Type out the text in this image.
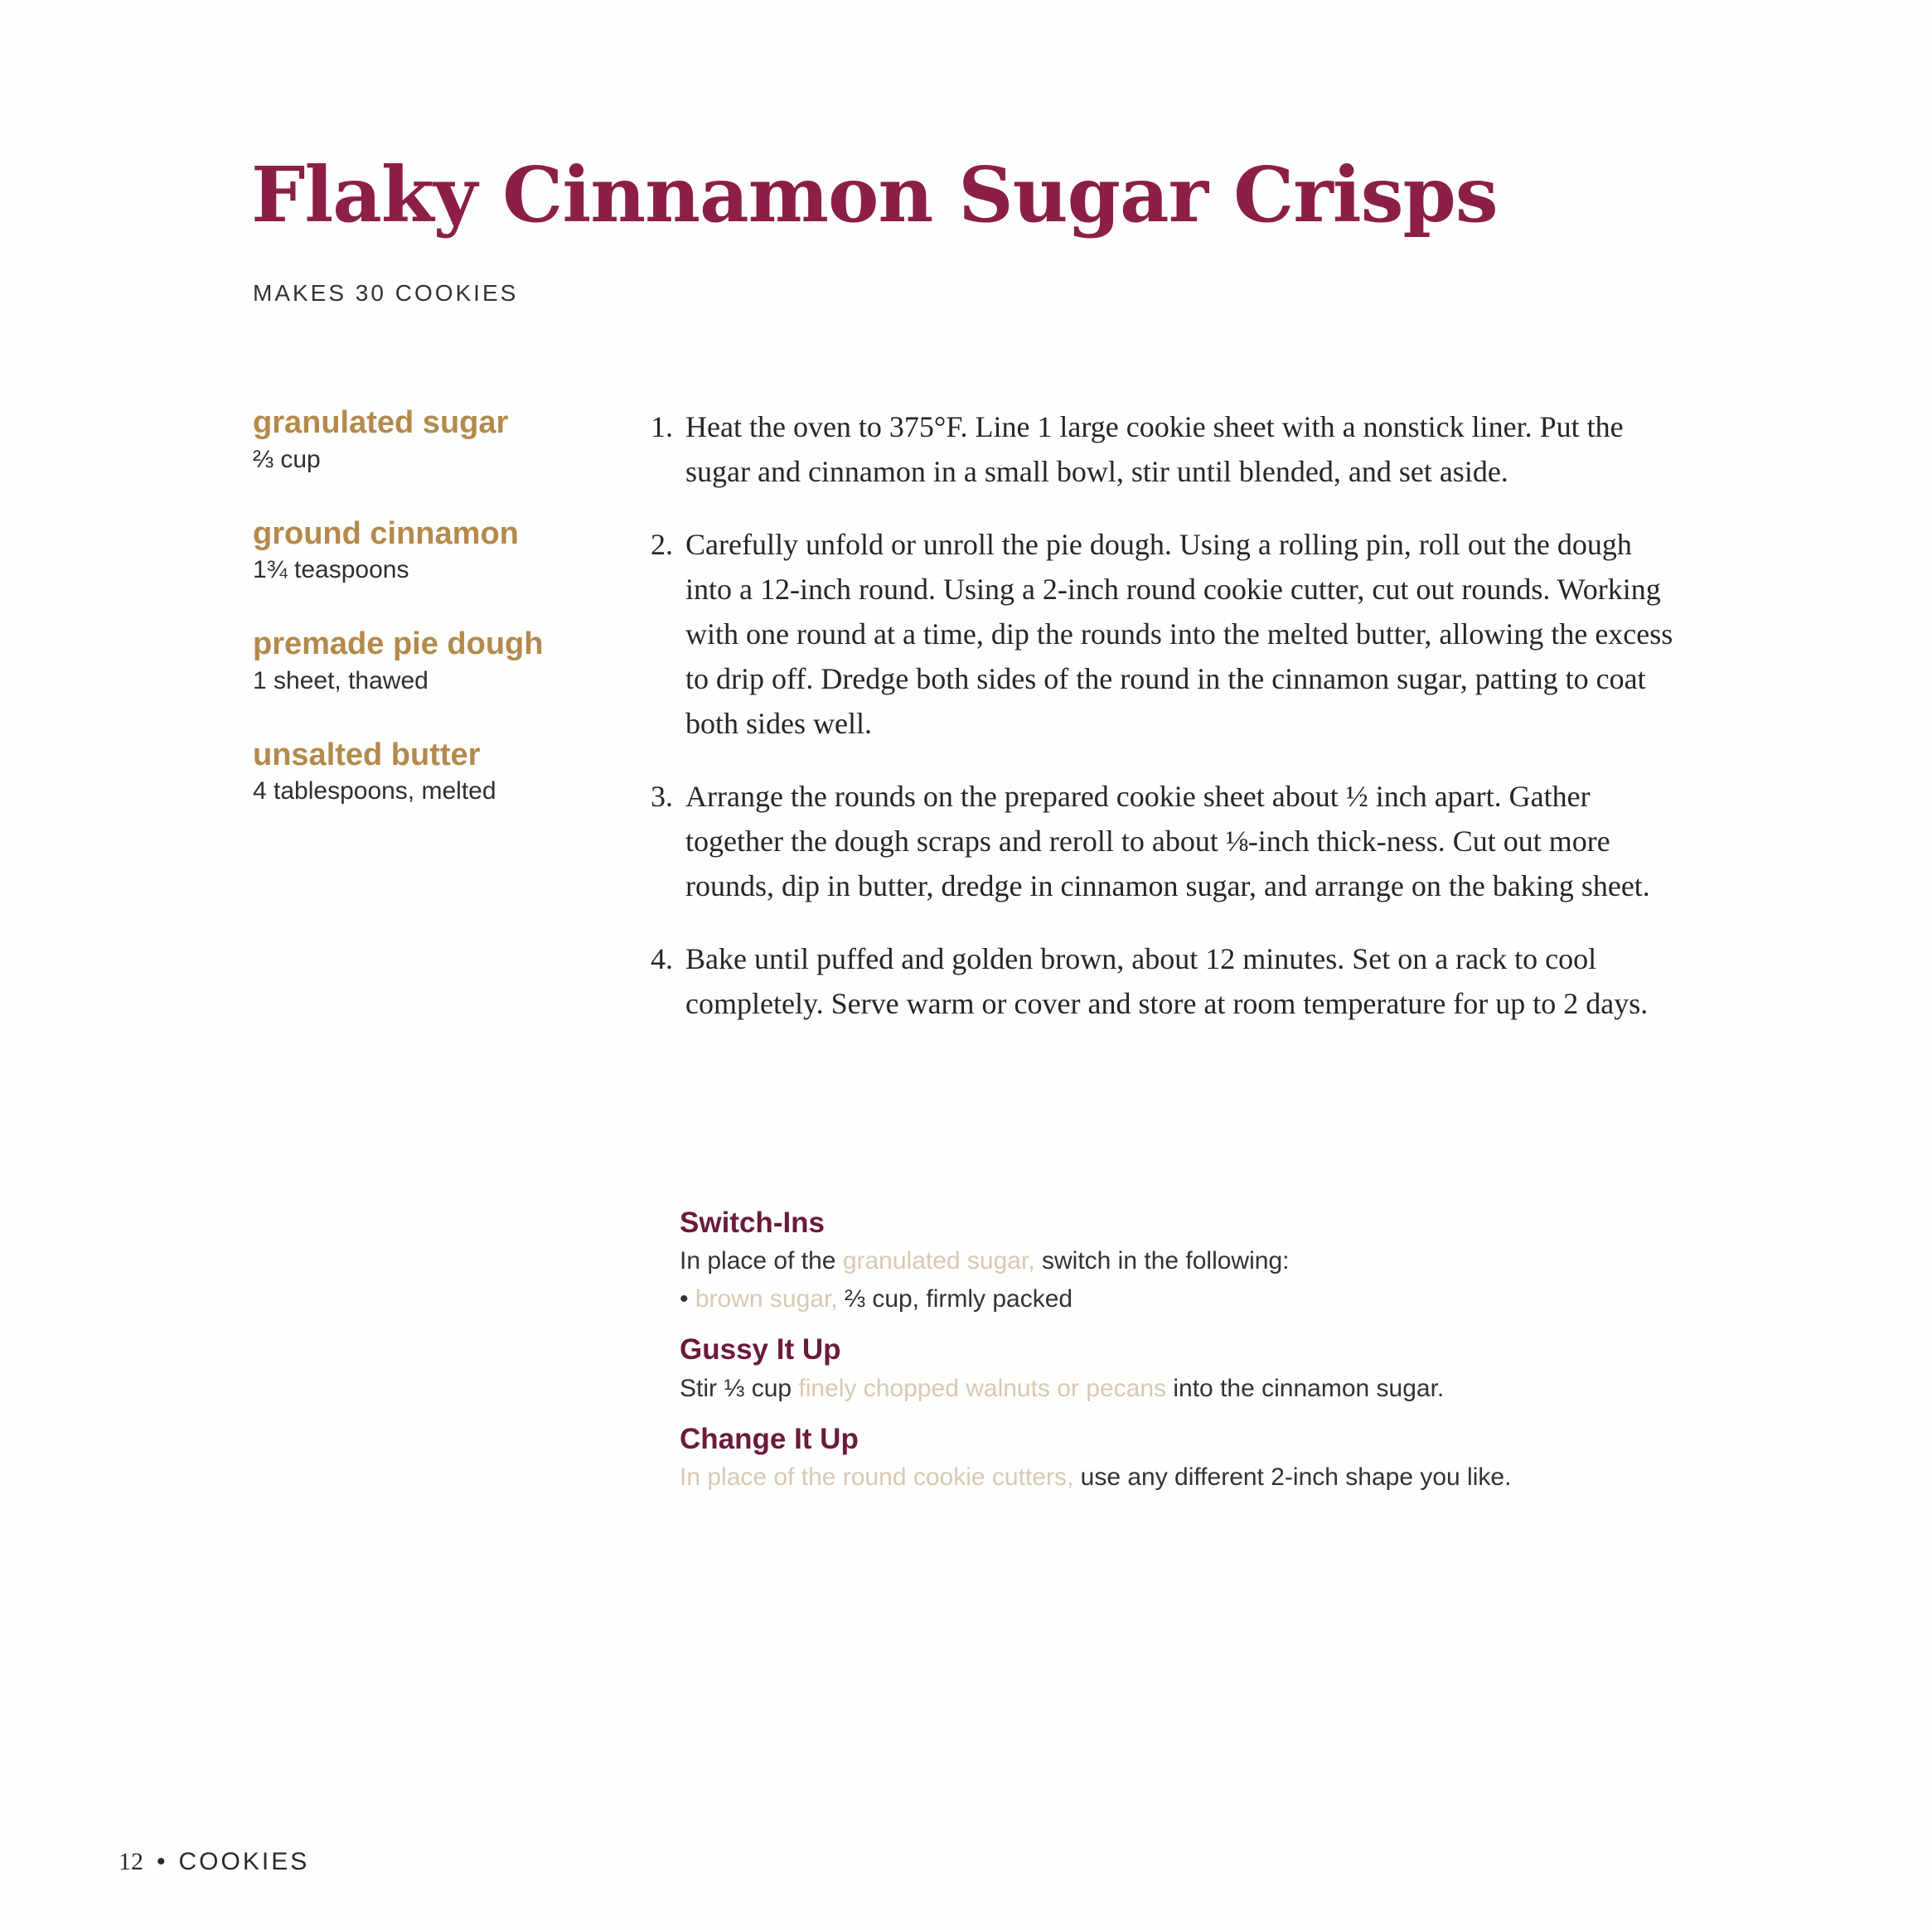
Flaky Cinnamon Sugar Crisps
MAKES 30 COOKIES
granulated sugar
⅔ cup
ground cinnamon
1¾ teaspoons
premade pie dough
1 sheet, thawed
unsalted butter
4 tablespoons, melted
1. Heat the oven to 375°F. Line 1 large cookie sheet with a nonstick liner. Put the sugar and cinnamon in a small bowl, stir until blended, and set aside.
2. Carefully unfold or unroll the pie dough. Using a rolling pin, roll out the dough into a 12-inch round. Using a 2-inch round cookie cutter, cut out rounds. Working with one round at a time, dip the rounds into the melted butter, allowing the excess to drip off. Dredge both sides of the round in the cinnamon sugar, patting to coat both sides well.
3. Arrange the rounds on the prepared cookie sheet about ½ inch apart. Gather together the dough scraps and reroll to about ⅛-inch thick-ness. Cut out more rounds, dip in butter, dredge in cinnamon sugar, and arrange on the baking sheet.
4. Bake until puffed and golden brown, about 12 minutes. Set on a rack to cool completely. Serve warm or cover and store at room temperature for up to 2 days.
Switch-Ins
In place of the granulated sugar, switch in the following:
• brown sugar, ⅔ cup, firmly packed
Gussy It Up
Stir ⅓ cup finely chopped walnuts or pecans into the cinnamon sugar.
Change It Up
In place of the round cookie cutters, use any different 2-inch shape you like.
12 • COOKIES
